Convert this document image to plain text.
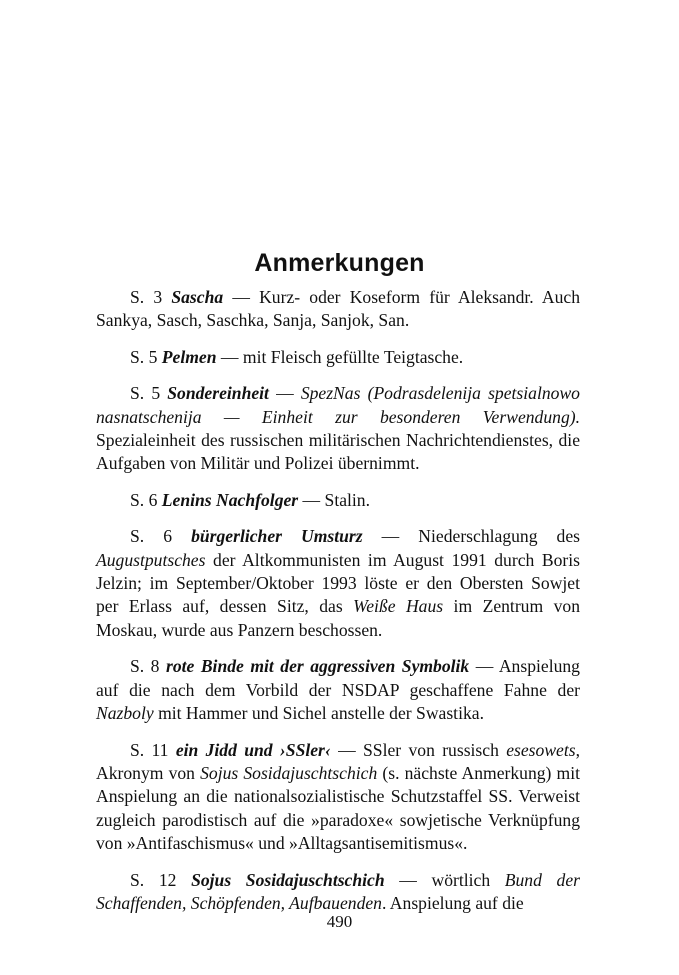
Anmerkungen

S. 3 Sascha — Kurz- oder Koseform für Aleksandr. Auch Sankya, Sasch, Saschka, Sanja, Sanjok, San.

S. 5 Pelmen — mit Fleisch gefüllte Teigtasche.

S. 5 Sondereinheit — SpezNas (Podrasdelenija spetsialnowo nasnatschenija — Einheit zur besonderen Verwendung). Spezialeinheit des russischen militärischen Nachrichtendienstes, die Aufgaben von Militär und Polizei übernimmt.

S. 6 Lenins Nachfolger — Stalin.

S. 6 bürgerlicher Umsturz — Niederschlagung des Augustputsches der Altkommunisten im August 1991 durch Boris Jelzin; im September/Oktober 1993 löste er den Obersten Sowjet per Erlass auf, dessen Sitz, das Weiße Haus im Zentrum von Moskau, wurde aus Panzern beschossen.

S. 8 rote Binde mit der aggressiven Symbolik — Anspielung auf die nach dem Vorbild der NSDAP geschaffene Fahne der Nazboly mit Hammer und Sichel anstelle der Swastika.

S. 11 ein Jidd und ›SSler‹ — SSler von russisch esesowets, Akronym von Sojus Sosidajuschtschich (s. nächste Anmerkung) mit Anspielung an die nationalsozialistische Schutzstaffel SS. Verweist zugleich parodistisch auf die »paradoxe« sowjetische Verknüpfung von »Antifaschismus« und »Alltagsantisemitismus«.

S. 12 Sojus Sosidajuschtschich — wörtlich Bund der Schaffenden, Schöpfenden, Aufbauenden. Anspielung auf die

490
